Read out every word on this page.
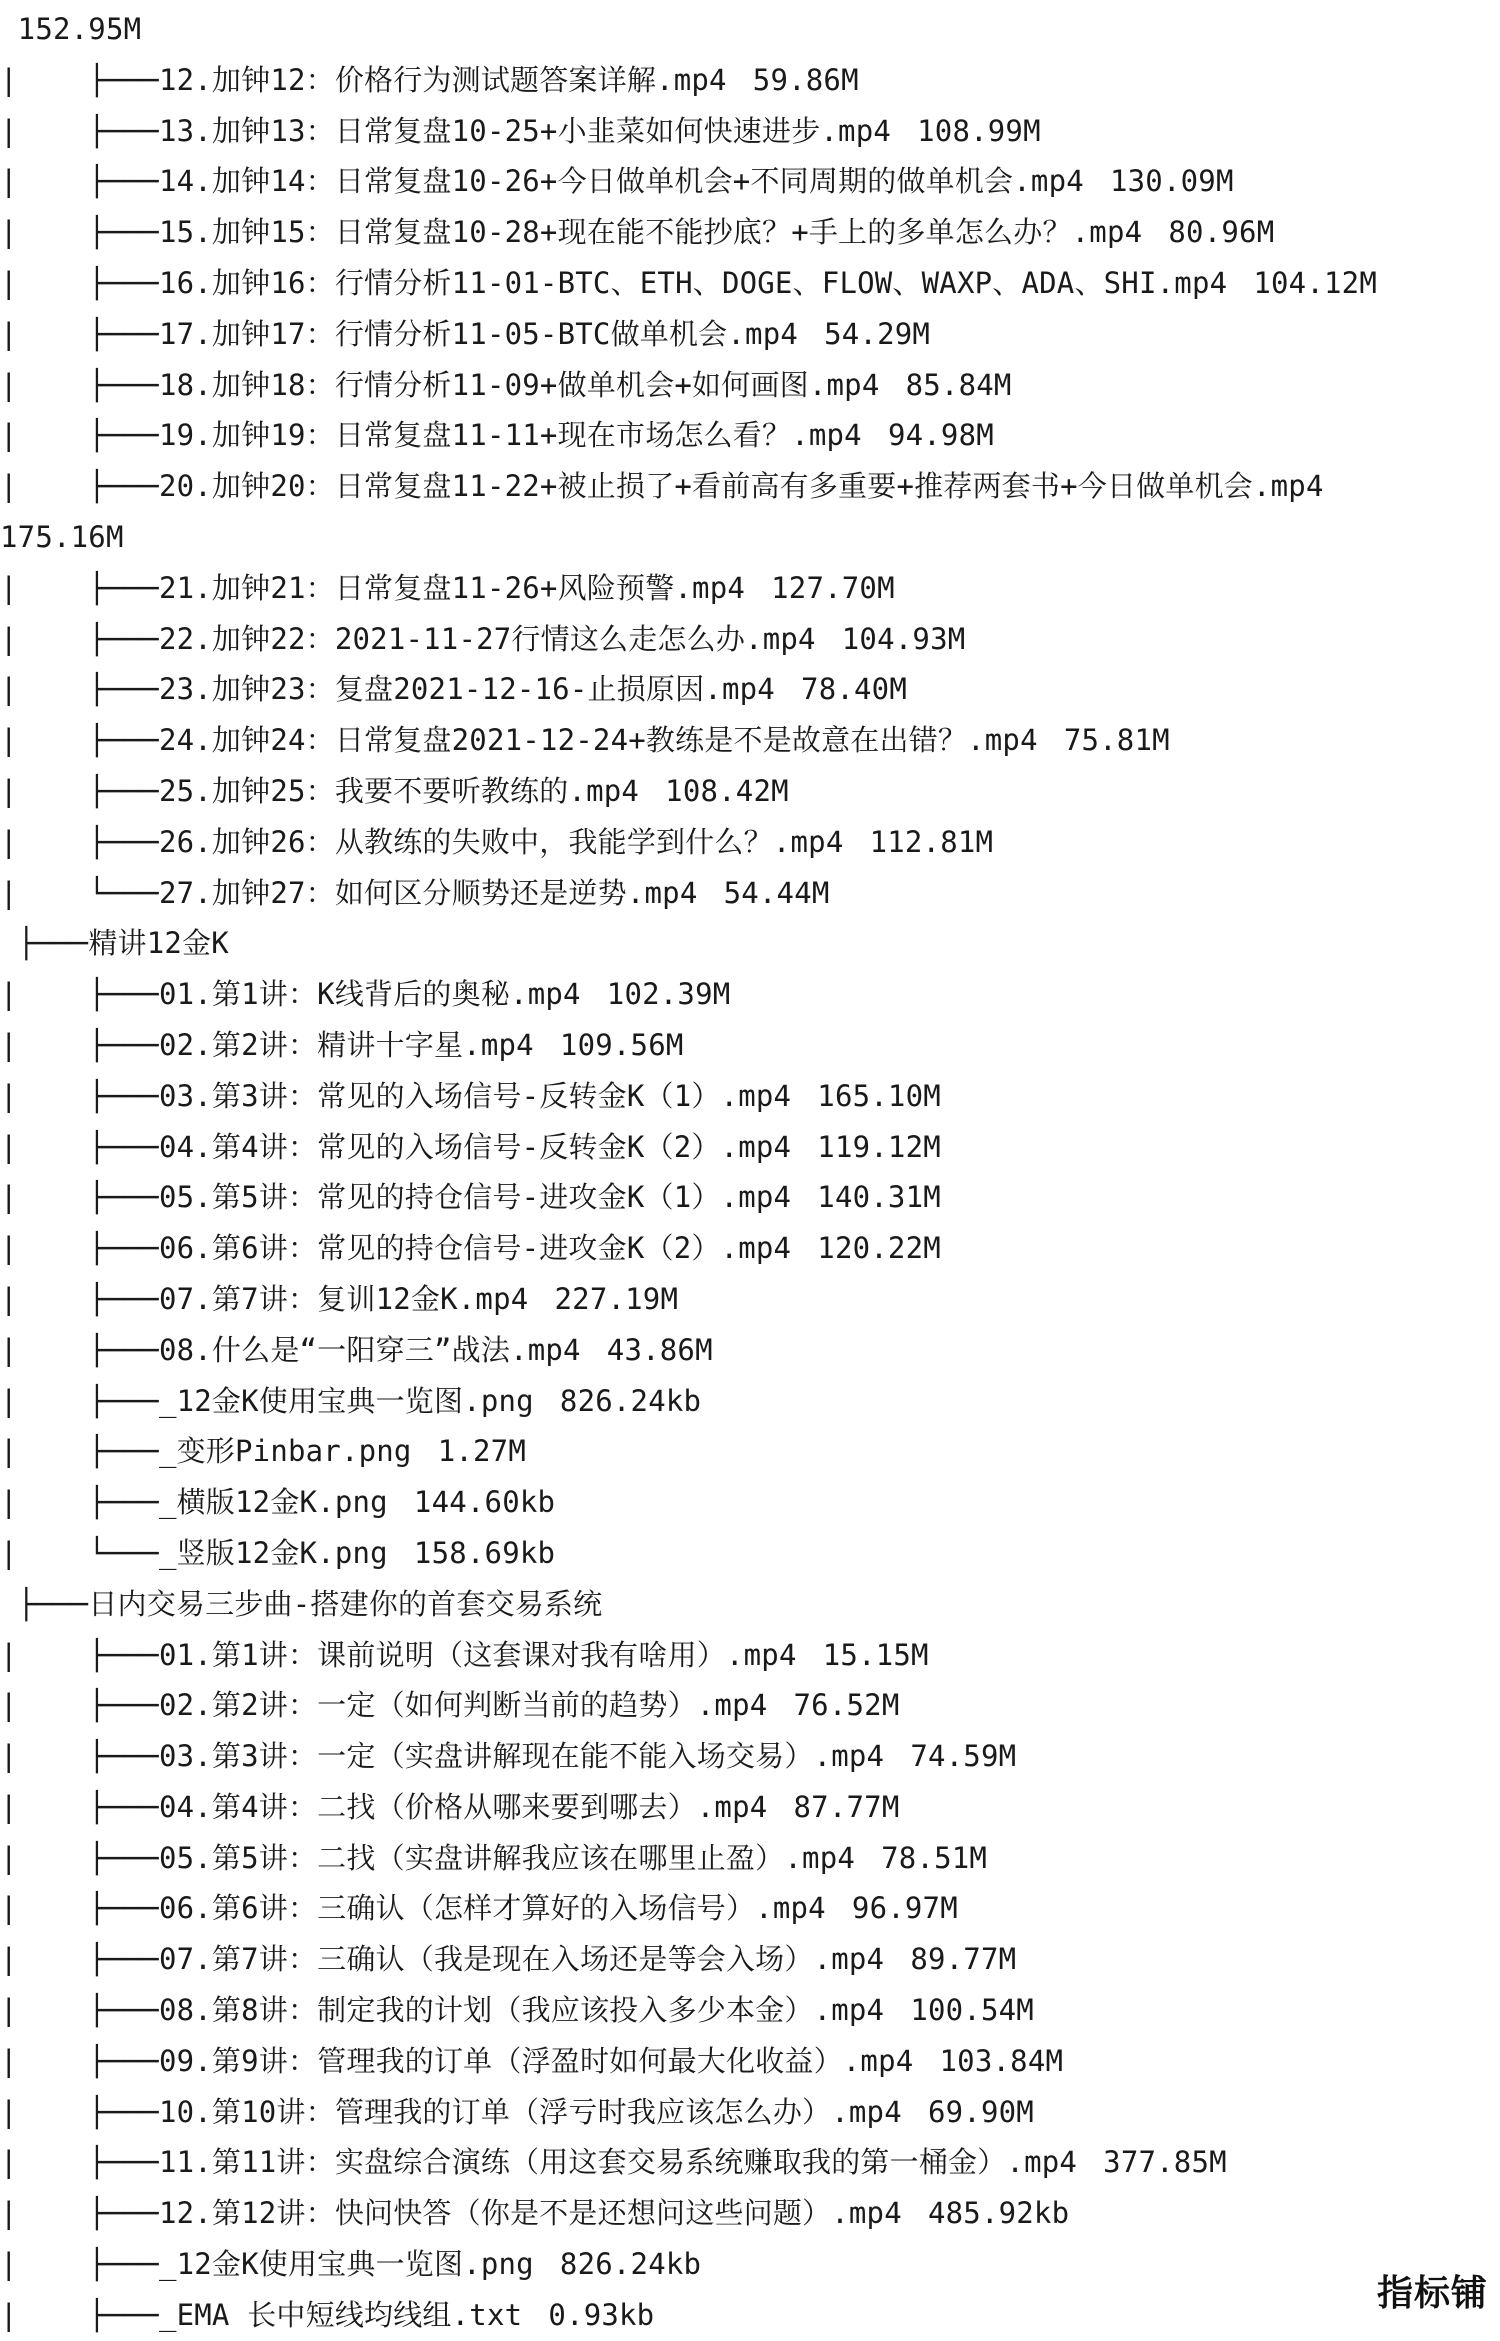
152.95M
|    ├───12.加钟12：价格行为测试题答案详解.mp4 59.86M
|    ├───13.加钟13：日常复盘10-25+小韭菜如何快速进步.mp4 108.99M
|    ├───14.加钟14：日常复盘10-26+今日做单机会+不同周期的做单机会.mp4 130.09M
|    ├───15.加钟15：日常复盘10-28+现在能不能抄底？+手上的多单怎么办？.mp4 80.96M
|    ├───16.加钟16：行情分析11-01-BTC、ETH、DOGE、FLOW、WAXP、ADA、SHI.mp4 104.12M
|    ├───17.加钟17：行情分析11-05-BTC做单机会.mp4 54.29M
|    ├───18.加钟18：行情分析11-09+做单机会+如何画图.mp4 85.84M
|    ├───19.加钟19：日常复盘11-11+现在市场怎么看？.mp4 94.98M
|    ├───20.加钟20：日常复盘11-22+被止损了+看前高有多重要+推荐两套书+今日做单机会.mp4
175.16M
|    ├───21.加钟21：日常复盘11-26+风险预警.mp4 127.70M
|    ├───22.加钟22：2021-11-27行情这么走怎么办.mp4 104.93M
|    ├───23.加钟23：复盘2021-12-16-止损原因.mp4 78.40M
|    ├───24.加钟24：日常复盘2021-12-24+教练是不是故意在出错？.mp4 75.81M
|    ├───25.加钟25：我要不要听教练的.mp4 108.42M
|    ├───26.加钟26：从教练的失败中，我能学到什么？.mp4 112.81M
|    └───27.加钟27：如何区分顺势还是逆势.mp4 54.44M
├───精讲12金K
|    ├───01.第1讲：K线背后的奥秘.mp4 102.39M
|    ├───02.第2讲：精讲十字星.mp4 109.56M
|    ├───03.第3讲：常见的入场信号-反转金K（1）.mp4 165.10M
|    ├───04.第4讲：常见的入场信号-反转金K（2）.mp4 119.12M
|    ├───05.第5讲：常见的持仓信号-进攻金K（1）.mp4 140.31M
|    ├───06.第6讲：常见的持仓信号-进攻金K（2）.mp4 120.22M
|    ├───07.第7讲：复训12金K.mp4 227.19M
|    ├───08.什么是“一阳穿三”战法.mp4 43.86M
|    ├───_12金K使用宝典一览图.png 826.24kb
|    ├───_变形Pinbar.png 1.27M
|    ├───_横版12金K.png 144.60kb
|    └───_竖版12金K.png 158.69kb
├───日内交易三步曲-搭建你的首套交易系统
|    ├───01.第1讲：课前说明（这套课对我有啥用）.mp4 15.15M
|    ├───02.第2讲：一定（如何判断当前的趋势）.mp4 76.52M
|    ├───03.第3讲：一定（实盘讲解现在能不能入场交易）.mp4 74.59M
|    ├───04.第4讲：二找（价格从哪来要到哪去）.mp4 87.77M
|    ├───05.第5讲：二找（实盘讲解我应该在哪里止盈）.mp4 78.51M
|    ├───06.第6讲：三确认（怎样才算好的入场信号）.mp4 96.97M
|    ├───07.第7讲：三确认（我是现在入场还是等会入场）.mp4 89.77M
|    ├───08.第8讲：制定我的计划（我应该投入多少本金）.mp4 100.54M
|    ├───09.第9讲：管理我的订单（浮盈时如何最大化收益）.mp4 103.84M
|    ├───10.第10讲：管理我的订单（浮亏时我应该怎么办）.mp4 69.90M
|    ├───11.第11讲：实盘综合演练（用这套交易系统赚取我的第一桶金）.mp4 377.85M
|    ├───12.第12讲：快问快答（你是不是还想问这些问题）.mp4 485.92kb
|    ├───_12金K使用宝典一览图.png 826.24kb
|    ├───_EMA 长中短线均线组.txt 0.93kb
指标铺
